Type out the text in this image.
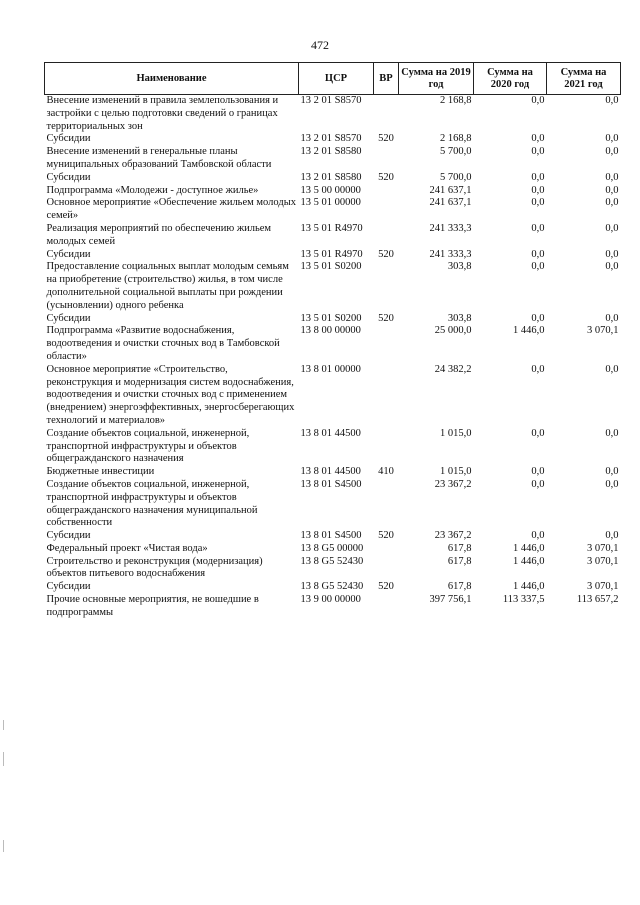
472
Наименование	ЦСР	ВР	Сумма на 2019 год	Сумма на 2020 год	Сумма на 2021 год
Внесение изменений в правила землепользования и застройки с целью подготовки сведений о границах территориальных зон	13 2 01 S8570		2 168,8	0,0	0,0
Субсидии	13 2 01 S8570	520	2 168,8	0,0	0,0
Внесение изменений в генеральные планы муниципальных образований Тамбовской области	13 2 01 S8580		5 700,0	0,0	0,0
Субсидии	13 2 01 S8580	520	5 700,0	0,0	0,0
Подпрограмма «Молодежи - доступное жилье»	13 5 00 00000		241 637,1	0,0	0,0
Основное мероприятие «Обеспечение жильем молодых семей»	13 5 01 00000		241 637,1	0,0	0,0
Реализация мероприятий по обеспечению жильем молодых семей	13 5 01 R4970		241 333,3	0,0	0,0
Субсидии	13 5 01 R4970	520	241 333,3	0,0	0,0
Предоставление социальных выплат молодым семьям на приобретение (строительство) жилья, в том числе дополнительной социальной выплаты при рождении (усыновлении) одного ребенка	13 5 01 S0200		303,8	0,0	0,0
Субсидии	13 5 01 S0200	520	303,8	0,0	0,0
Подпрограмма «Развитие водоснабжения, водоотведения и очистки сточных вод в Тамбовской области»	13 8 00 00000		25 000,0	1 446,0	3 070,1
Основное мероприятие «Строительство, реконструкция и модернизация систем водоснабжения, водоотведения и очистки сточных вод с применением (внедрением) энергоэффективных, энергосберегающих технологий и материалов»	13 8 01 00000		24 382,2	0,0	0,0
Создание объектов социальной, инженерной, транспортной инфраструктуры и объектов общегражданского назначения	13 8 01 44500		1 015,0	0,0	0,0
Бюджетные инвестиции	13 8 01 44500	410	1 015,0	0,0	0,0
Создание объектов социальной, инженерной, транспортной инфраструктуры и объектов общегражданского назначения муниципальной собственности	13 8 01 S4500		23 367,2	0,0	0,0
Субсидии	13 8 01 S4500	520	23 367,2	0,0	0,0
Федеральный проект «Чистая вода»	13 8 G5 00000		617,8	1 446,0	3 070,1
Строительство и реконструкция (модернизация) объектов питьевого водоснабжения	13 8 G5 52430		617,8	1 446,0	3 070,1
Субсидии	13 8 G5 52430	520	617,8	1 446,0	3 070,1
Прочие основные мероприятия, не вошедшие в подпрограммы	13 9 00 00000		397 756,1	113 337,5	113 657,2
